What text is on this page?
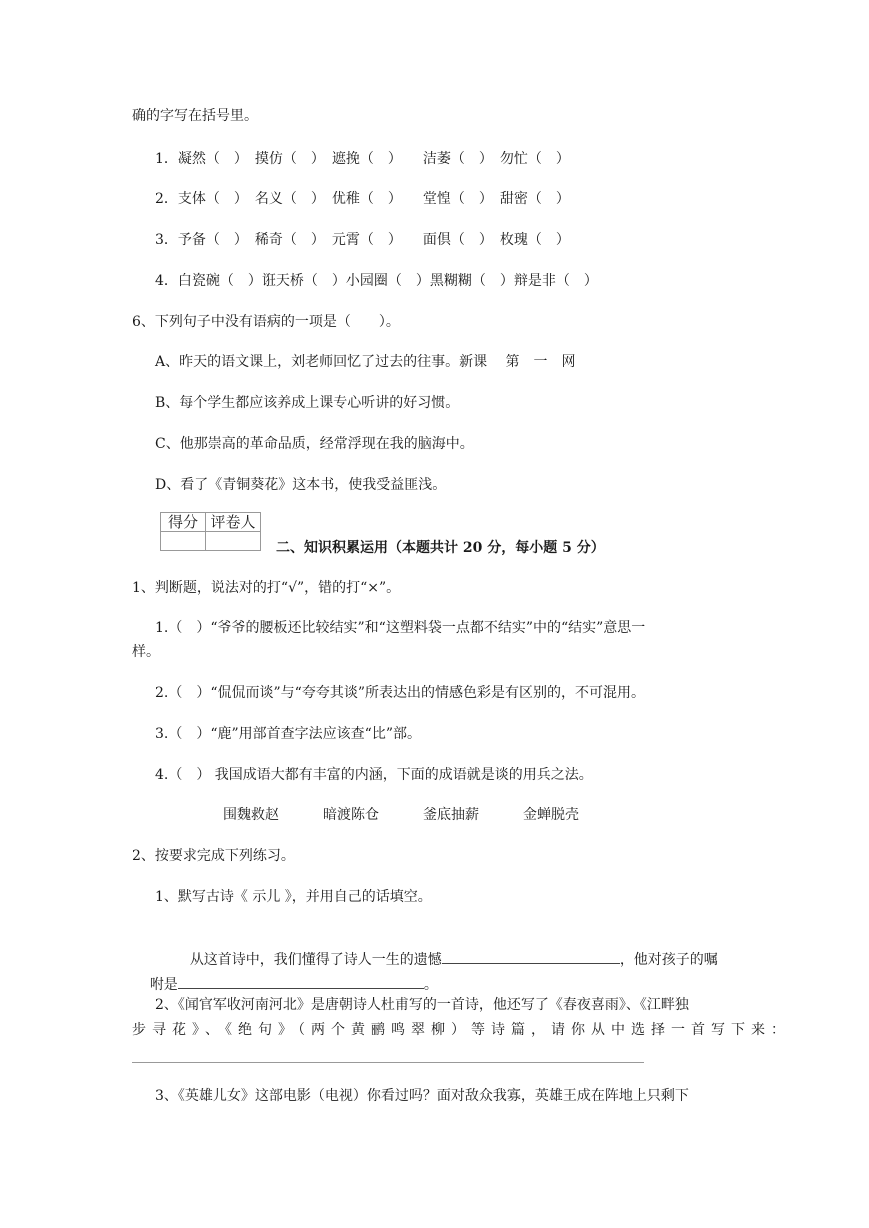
确的字写在括号里。
1．凝然（　）　摸仿（　）　遮挽（　）　　洁萎（　）　勿忙（　）
2．支体（　）　名义（　）　优稚（　）　　堂惶（　）　甜密（　）
3．予备（　）　稀奇（　）　元霄（　）　　面倶（　）　枚瑰（　）
4．白瓷碗（　）诳天桥（　）小园圈（　）黑糊糊（　）辩是非（　）
6、下列句子中没有语病的一项是（　　）。
A、昨天的语文课上，刘老师回忆了过去的往事。新课　 第　一　网
B、每个学生都应该养成上课专心听讲的好习惯。
C、他那崇高的革命品质，经常浮现在我的脑海中。
D、看了《青铜葵花》这本书，使我受益匪浅。
得分	评卷人

二、知识积累运用（本题共计 20 分，每小题 5 分）
1、判断题，说法对的打“√”，错的打“×”。
1.（　）“爷爷的腰板还比较结实”和“这塑料袋一点都不结实”中的“结实”意思一
样。
2.（　）“侃侃而谈”与“夸夸其谈”所表达出的情感色彩是有区别的，不可混用。
3.（　）“鹿”用部首查字法应该查“比”部。
4.（　） 我国成语大都有丰富的内涵，下面的成语就是谈的用兵之法。
围魏救赵	暗渡陈仓	釜底抽薪	金蝉脱壳
2、按要求完成下列练习。
1、默写古诗《 示儿 》，并用自己的话填空。

从这首诗中，我们懂得了诗人一生的遗憾	，他对孩子的嘱

咐是	。

2、《闻官军收河南河北》是唐朝诗人杜甫写的一首诗，他还写了《春夜喜雨》、《江畔独
步寻花》、《绝句》（两个黄鹂鸣翠柳）等诗篇，请你从中选择一首写下来：
3、《英雄儿女》这部电影（电视）你看过吗？面对敌众我寡，英雄王成在阵地上只剩下
